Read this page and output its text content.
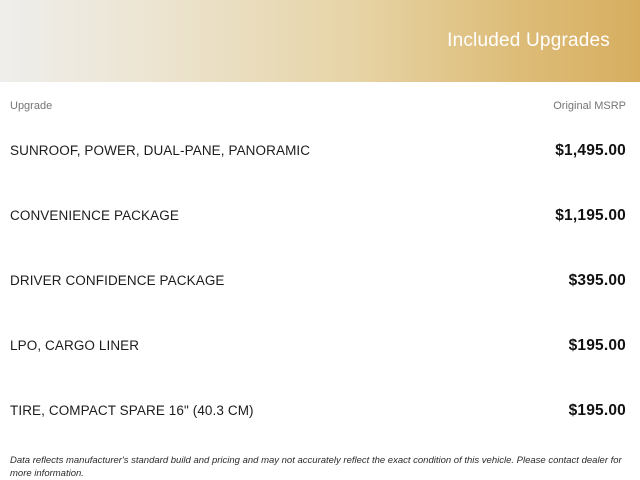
Included Upgrades
Upgrade	Original MSRP
SUNROOF, POWER, DUAL-PANE, PANORAMIC	$1,495.00
CONVENIENCE PACKAGE	$1,195.00
DRIVER CONFIDENCE PACKAGE	$395.00
LPO, CARGO LINER	$195.00
TIRE, COMPACT SPARE 16" (40.3 CM)	$195.00
Data reflects manufacturer's standard build and pricing and may not accurately reflect the exact condition of this vehicle. Please contact dealer for more information.
